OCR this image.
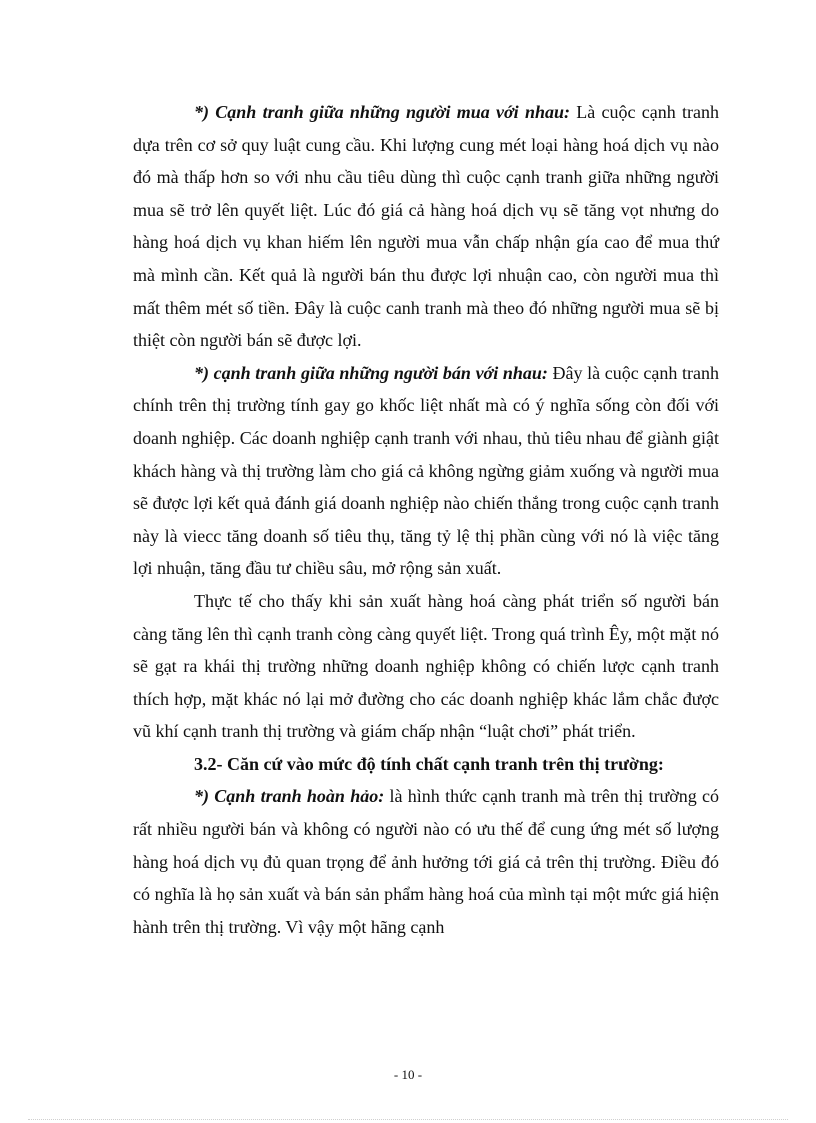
*) Cạnh tranh giữa những người mua với nhau: Là cuộc cạnh tranh dựa trên cơ sở quy luật cung cầu. Khi lượng cung mét loại hàng hoá dịch vụ nào đó mà thấp hơn so với nhu cầu tiêu dùng thì cuộc cạnh tranh giữa những người mua sẽ trở lên quyết liệt. Lúc đó giá cả hàng hoá dịch vụ sẽ tăng vọt nhưng do hàng hoá dịch vụ khan hiếm lên người mua vẫn chấp nhận gía cao để mua thứ mà mình cần. Kết quả là người bán thu được lợi nhuận cao, còn người mua thì mất thêm mét số tiền. Đây là cuộc canh tranh mà theo đó những người mua sẽ bị thiệt còn người bán sẽ được lợi.

*) cạnh tranh giữa những người bán với nhau: Đây là cuộc cạnh tranh chính trên thị trường tính gay go khốc liệt nhất mà có ý nghĩa sống còn đối với doanh nghiệp. Các doanh nghiệp cạnh tranh với nhau, thủ tiêu nhau để giành giật khách hàng và thị trường làm cho giá cả không ngừng giảm xuống và người mua sẽ được lợi kết quả đánh giá doanh nghiệp nào chiến thắng trong cuộc cạnh tranh này là viecc tăng doanh số tiêu thụ, tăng tỷ lệ thị phần cùng với nó là việc tăng lợi nhuận, tăng đầu tư chiều sâu, mở rộng sản xuất.

Thực tế cho thấy khi sản xuất hàng hoá càng phát triển số người bán càng tăng lên thì cạnh tranh còng càng quyết liệt. Trong quá trình Êy, một mặt nó sẽ gạt ra khái thị trường những doanh nghiệp không có chiến lược cạnh tranh thích hợp, mặt khác nó lại mở đường cho các doanh nghiệp khác lắm chắc được vũ khí cạnh tranh thị trường và giám chấp nhận “luật chơi” phát triển.

3.2- Căn cứ vào mức độ tính chất cạnh tranh trên thị trường:

*) Cạnh tranh hoàn hảo: là hình thức cạnh tranh mà trên thị trường có rất nhiều người bán và không có người nào có ưu thế để cung ứng mét số lượng hàng hoá dịch vụ đủ quan trọng để ảnh hưởng tới giá cả trên thị trường. Điều đó có nghĩa là họ sản xuất và bán sản phẩm hàng hoá của mình tại một mức giá hiện hành trên thị trường. Vì vậy một hãng cạnh

- 10 -
